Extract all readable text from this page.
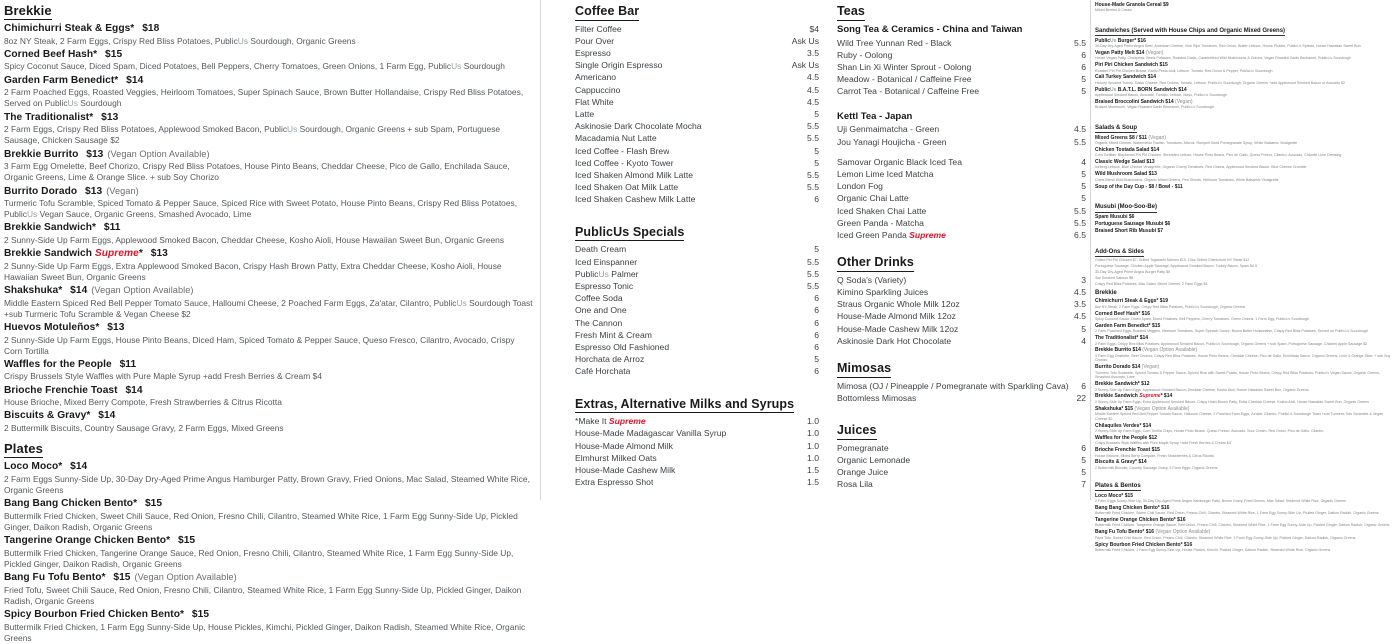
Brekkie
Chimichurri Steak & Eggs* $18
8oz NY Steak, 2 Farm Eggs, Crispy Red Bliss Potatoes, PublicUs Sourdough, Organic Greens
Corned Beef Hash* $15
Spicy Coconut Sauce, Diced Spam, Diced Potatoes, Bell Peppers, Cherry Tomatoes, Green Onions, 1 Farm Egg, PublicUs Sourdough
Garden Farm Benedict* $14
2 Farm Poached Eggs, Roasted Veggies, Heirloom Tomatoes, Super Spinach Sauce, Brown Butter Hollandaise, Crispy Red Bliss Potatoes, Served on PublicUs Sourdough
The Traditionalist* $13
2 Farm Eggs, Crispy Red Bliss Potatoes, Applewood Smoked Bacon, PublicUs Sourdough, Organic Greens + sub Spam, Portuguese Sausage, Chicken Sausage $2
Brekkie Burrito $13 (Vegan Option Available)
3 Farm Egg Omelette, Beef Chorizo, Crispy Red Bliss Potatoes, House Pinto Beans, Cheddar Cheese, Pico de Gallo, Enchilada Sauce, Organic Greens, Lime & Orange Slice. + sub Soy Chorizo
Burrito Dorado $13 (Vegan)
Turmeric Tofu Scramble, Spiced Tomato & Pepper Sauce, Spiced Rice with Sweet Potato, House Pinto Beans, Crispy Red Bliss Potatoes, PublicUs Vegan Sauce, Organic Greens, Smashed Avocado, Lime
Brekkie Sandwich* $11
2 Sunny-Side Up Farm Eggs, Applewood Smoked Bacon, Cheddar Cheese, Kosho Aioli, House Hawaiian Sweet Bun, Organic Greens
Brekkie Sandwich Supreme* $13
2 Sunny-Side Up Farm Eggs, Extra Applewood Smoked Bacon, Crispy Hash Brown Patty, Extra Cheddar Cheese, Kosho Aioli, House Hawaiian Sweet Bun, Organic Greens
Shakshuka* $14 (Vegan Option Available)
Middle Eastern Spiced Red Bell Pepper Tomato Sauce, Halloumi Cheese, 2 Poached Farm Eggs, Za'atar, Cilantro, PublicUs Sourdough Toast +sub Turmeric Tofu Scramble & Vegan Cheese $2
Huevos Motuleños* $13
2 Sunny-Side Up Farm Eggs, House Pinto Beans, Diced Ham, Spiced Tomato & Pepper Sauce, Queso Fresco, Cilantro, Avocado, Crispy Corn Tortilla
Waffles for the People $11
Crispy Brussels Style Waffles with Pure Maple Syrup +add Fresh Berries & Cream $4
Brioche Frenchie Toast $14
House Brioche, Mixed Berry Compote, Fresh Strawberries & Citrus Ricotta
Biscuits & Gravy* $14
2 Buttermilk Biscuits, Country Sausage Gravy, 2 Farm Eggs, Mixed Greens
Plates
Loco Moco* $14
2 Farm Eggs Sunny-Side Up, 30-Day Dry-Aged Prime Angus Hamburger Patty, Brown Gravy, Fried Onions, Mac Salad, Steamed White Rice, Organic Greens
Bang Bang Chicken Bento* $15
Buttermilk Fried Chicken, Sweet Chili Sauce, Red Onion, Fresno Chili, Cilantro, Steamed White Rice, 1 Farm Egg Sunny-Side Up, Pickled Ginger, Daikon Radish, Organic Greens
Tangerine Orange Chicken Bento* $15
Buttermilk Fried Chicken, Tangerine Orange Sauce, Red Onion, Fresno Chili, Cilantro, Steamed White Rice, 1 Farm Egg Sunny-Side Up, Pickled Ginger, Daikon Radish, Organic Greens
Bang Fu Tofu Bento* $15 (Vegan Option Available)
Fried Tofu, Sweet Chili Sauce, Red Onion, Fresno Chili, Cilantro, Steamed White Rice, 1 Farm Egg Sunny-Side Up, Pickled Ginger, Daikon Radish, Organic Greens
Spicy Bourbon Fried Chicken Bento* $15
Buttermilk Fried Chicken, 1 Farm Egg Sunny-Side Up, House Pickles, Kimchi, Pickled Ginger, Daikon Radish, Steamed White Rice, Organic Greens
Coffee Bar
Filter Coffee	$4
Pour Over	Ask Us
Espresso	3.5
Single Origin Espresso	Ask Us
Americano	4.5
Cappuccino	4.5
Flat White	4.5
Latte	5
Askinosie Dark Chocolate Mocha	5.5
Macadamia Nut Latte	5.5
Iced Coffee - Flash Brew	5
Iced Coffee - Kyoto Tower	5
Iced Shaken Almond Milk Latte	5.5
Iced Shaken Oat Milk Latte	5.5
Iced Shaken Cashew Milk Latte	6
PublicUs Specials
Death Cream	5
Iced Einspanner	5.5
PublicUs Palmer	5.5
Espresso Tonic	5.5
Coffee Soda	6
One and One	6
The Cannon	6
Fresh Mint & Cream	6
Espresso Old Fashioned	6
Horchata de Arroz	5
Café Horchata	6
Extras, Alternative Milks and Syrups
*Make It Supreme	1.0
House-Made Madagascar Vanilla Syrup	1.0
House-Made Almond Milk	1.0
Elmhurst Milked Oats	1.0
House-Made Cashew Milk	1.5
Extra Espresso Shot	1.5
Teas
Song Tea & Ceramics - China and Taiwan
Wild Tree Yunnan Red - Black	5.5
Ruby - Oolong	6
Shan Lin Xi Winter Sprout - Oolong	6
Meadow - Botanical / Caffeine Free	5
Carrot Tea - Botanical / Caffeine Free	5
Kettl Tea - Japan
Uji Genmaimatcha - Green	4.5
Jou Yanagi Houjicha - Green	5.5
Samovar Organic Black Iced Tea	4
Lemon Lime Iced Matcha	5
London Fog	5
Organic Chai Latte	5
Iced Shaken Chai Latte	5.5
Green Panda - Matcha	5.5
Iced Green Panda Supreme	6.5
Other Drinks
Q Soda's (Variety)	3
Kimino Sparkling Juices	4.5
Straus Organic Whole Milk 12oz	3.5
House-Made Almond Milk 12oz	4.5
House-Made Cashew Milk 12oz	5
Askinosie Dark Hot Chocolate	4
Mimosas
Mimosa (OJ / Pineapple / Pomegranate with Sparkling Cava)	6
Bottomless Mimosas	22
Juices
Pomegranate	6
Organic Lemonade	5
Orange Juice	5
Rosa Lila	7
House-Made Granola Cereal $9
Mixed Berries & Cream
Sandwiches (Served with House Chips and Organic Mixed Greens)
PublicUs Burger* $16
30-Day Dry-Aged Prime Angus Beef, American Cheese, Vine Ripe Tomatoes, Red Onion, Butter Lettuce, House Pickles, PublicUs Spread, House Hawaiian Sweet Bun
Vegan Patty Melt $14 (Vegan)
House Vegan Patty, Chickpeas, Beets Potatoes, Roasted Garlic, Caramelized Wild Mushrooms & Onions, Vegan Roasted Garlic Bechamel, PublicUs Sourdough
Piri Piri Chicken Sandwich $15
Roasted Piri Piri Chicken Breast, Garlic Pesto Aioli, Lettuce, Tomato, Red Onion & Pepper, PublicUs Sourdough
Cali Turkey Sandwich $14
Hickory Smoked Turkey, Swiss Cheese, Red Onions, Tomato, Lettuce, PublicUs Sourdough, Organic Greens +add Applewood Smoked Bacon or Avocado $2
PublicUs B.A.T.L. BORN Sandwich $14
Applewood Smoked Bacon, Avocado, Tomato, Lettuce, Mayo, PublicUs Sourdough
Braised Broccolini Sandwich $14 (Vegan)
Braised Mushroom, Vegan Roasted Garlic Bechamel, PublicUs Sourdough
Salads & Soup
Mixed Greens $8 / $11 (Vegan)
Organic Mixed Greens, Watermelon Radish, Tomatoes, Micros, Rumpelt Seed Pomegranate Syrup, White Balsamic Vinaigrette
Chicken Tostada Salad $14
Corn Tortillas, Blackened Piri Piri Chicken, Shredded Lettuce, House Pinto Beans, Pico de Gallo, Queso Fresco, Cilantro, Avocado, Chipotle Lime Dressing
Classic Wedge Salad $13
Iceberg Lettuce, Blue Cheese Vinaigrette, Organic Cherry Tomatoes, Red Onions, Applewood Smoked Bacon, Blue Cheese Crumble
Wild Mushroom Salad $13
Chefs Blend Wild Mushrooms, Organic Mixed Greens, Pea Shoots, Heirloom Tomatoes, White Balsamic Vinaigrette
Soup of the Day Cup - $8 / Bowl - $11
Musubi (Moo-Soo-Be)
Spam Musubi $6
Portuguese Sausage Musubi $6
Braised Short Rib Musubi $7
Add-Ons & Sides
Grilled Piri Piri Chicken $7, Grilled Togarashi Salmon $10, 10oz Grilled Chimichurri NY Steak $12
Portuguese Sausage, Chicken Apple Sausage, Applewood Smoked Bacon, Turkey Bacon, Spam $4.5
30-Day Dry-Aged Prime Angus Burger Patty $5
3oz Smoked Salmon $6
Crispy Red Bliss Potatoes, Mac Salad, Mixed Greens, 2 Farm Eggs $4
Brekkie
Chimichurri Steak & Eggs* $19
8oz NY Steak, 2 Farm Eggs, Crispy Red Bliss Potatoes, PublicUs Sourdough, Organic Greens
Corned Beef Hash* $16
Spicy Coconut Sauce, Diced Spam, Diced Potatoes, Bell Peppers, Cherry Tomatoes, Green Onions, 1 Farm Egg, PublicUs Sourdough
Garden Farm Benedict* $15
2 Farm Poached Eggs, Roasted Veggies, Heirloom Tomatoes, Super Spinach Sauce, Brown Butter Hollandaise, Crispy Red Bliss Potatoes, Served on PublicUs Sourdough
The Traditionalist* $14
2 Farm Eggs, Crispy Red Bliss Potatoes, Applewood Smoked Bacon, PublicUs Sourdough, Organic Greens + sub Spam, Portuguese Sausage, Chicken Apple Sausage $2
Brekkie Burrito $14 (Vegan Option Available)
3 Farm Egg Omelette, Beef Chorizo, Crispy Red Bliss Potatoes, House Pinto Beans, Cheddar Cheese, Pico de Gallo, Enchilada Sauce, Organic Greens, Lime & Orange Slice. + sub Soy Chorizo
Burrito Dorado $14 (Vegan)
Turmeric Tofu Scramble, Spiced Tomato & Pepper Sauce, Spiced Rice with Sweet Potato, House Pinto Beans, Crispy Red Bliss Potatoes, PublicUs Vegan Sauce, Organic Greens, Smashed Avocado, Lime
Brekkie Sandwich* $12
2 Sunny-Side Up Farm Eggs, Applewood Smoked Bacon, Cheddar Cheese, Kosho Aioli, House Hawaiian Sweet Bun, Organic Greens
Brekkie Sandwich Supreme* $14
2 Sunny-Side Up Farm Eggs, Extra Applewood Smoked Bacon, Crispy Hash Brown Patty, Extra Cheddar Cheese, Kosho Aioli, House Hawaiian Sweet Bun, Organic Greens
Shakshuka* $15 (Vegan Option Available)
Middle Eastern Spiced Red Bell Pepper Tomato Sauce, Halloumi Cheese, 2 Poached Farm Eggs, Za'atar, Cilantro, PublicUs Sourdough Toast +sub Turmeric Tofu Scramble & Vegan Cheese $2
Chilaquiles Verdes* $14
2 Sunny-Side Up Farm Eggs, Corn Tortilla Chips, House Pinto Beans, Queso Fresco, Avocado, Sour Cream, Red Onion, Pico de Gallo, Cilantro
Waffles for the People $12
Crispy Brussels Style Waffles with Pure Maple Syrup +add Fresh Berries & Cream $4
Brioche Frenchie Toast $15
House Brioche, Mixed Berry Compote, Fresh Strawberries & Citrus Ricotta
Biscuits & Gravy* $14
2 Buttermilk Biscuits, Country Sausage Gravy, 2 Farm Eggs, Organic Greens
Plates & Bentos
Loco Moco* $15
2 Farm Eggs Sunny-Side Up, 30-Day Dry-Aged Prime Angus Hamburger Patty, Brown Gravy, Fried Onions, Mac Salad, Steamed White Rice, Organic Greens
Bang Bang Chicken Bento* $16
Buttermilk Fried Chicken, Sweet Chili Sauce, Red Onion, Fresno Chili, Cilantro, Steamed White Rice, 1 Farm Egg Sunny-Side Up, Pickled Ginger, Daikon Radish, Organic Greens
Tangerine Orange Chicken Bento* $16
Buttermilk Fried Chicken, Tangerine Orange Sauce, Red Onion, Fresno Chili, Cilantro, Steamed White Rice, 1 Farm Egg Sunny-Side Up, Pickled Ginger, Daikon Radish, Organic Greens
Bang Fu Tofu Bento* $16 (Vegan Option Available)
Fried Tofu, Sweet Chili Sauce, Red Onion, Fresno Chili, Cilantro, Steamed White Rice, 1 Farm Egg Sunny-Side Up, Pickled Ginger, Daikon Radish, Organic Greens
Spicy Bourbon Fried Chicken Bento* $16
Buttermilk Fried Chicken, 1 Farm Egg Sunny-Side Up, House Pickles, Kimchi, Pickled Ginger, Daikon Radish, Steamed White Rice, Organic Greens
